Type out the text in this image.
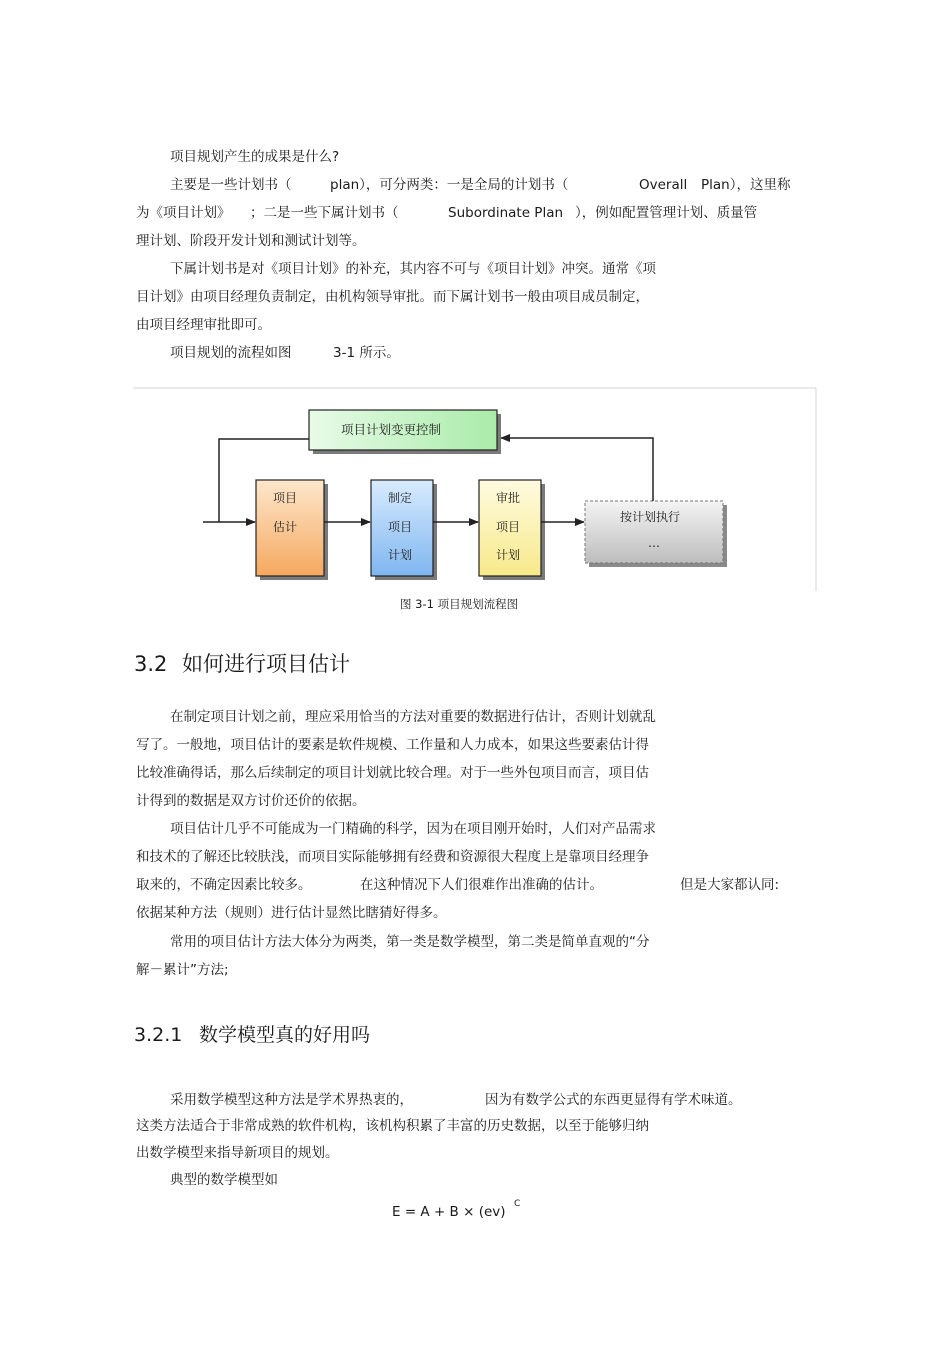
项目规划产生的成果是什么?
主要是一些计划书（	plan），可分两类：一是全局的计划书（	Overall Plan），这里称
为《项目计划》 ；二是一些下属计划书（	Subordinate Plan ），例如配置管理计划、质量管
理计划、阶段开发计划和测试计划等。
下属计划书是对《项目计划》的补充，其内容不可与《项目计划》冲突。通常《项
目计划》由项目经理负责制定，由机构领导审批。而下属计划书一般由项目成员制定，
由项目经理审批即可。
项目规划的流程如图	3-1 所示。
项目计划变更控制
项目
估计
制定
项目
计划
审批
项目
计划
按计划执行
…
图 3-1 项目规划流程图
3.2 如何进行项目估计
在制定项目计划之前，理应采用恰当的方法对重要的数据进行估计，否则计划就乱
写了。一般地，项目估计的要素是软件规模、工作量和人力成本，如果这些要素估计得
比较准确得话，那么后续制定的项目计划就比较合理。对于一些外包项目而言，项目估
计得到的数据是双方讨价还价的依据。
项目估计几乎不可能成为一门精确的科学，因为在项目刚开始时，人们对产品需求
和技术的了解还比较肤浅，而项目实际能够拥有经费和资源很大程度上是靠项目经理争
取来的，不确定因素比较多。	在这种情况下人们很难作出准确的估计。	但是大家都认同:
依据某种方法（规则）进行估计显然比瞎猜好得多。
常用的项目估计方法大体分为两类，第一类是数学模型，第二类是简单直观的“分
解－累计”方法;
3.2.1 数学模型真的好用吗
采用数学模型这种方法是学术界热衷的，	因为有数学公式的东西更显得有学术味道。
这类方法适合于非常成熟的软件机构，该机构积累了丰富的历史数据，以至于能够归纳
出数学模型来指导新项目的规划。
典型的数学模型如
E = A + B × (ev) C
